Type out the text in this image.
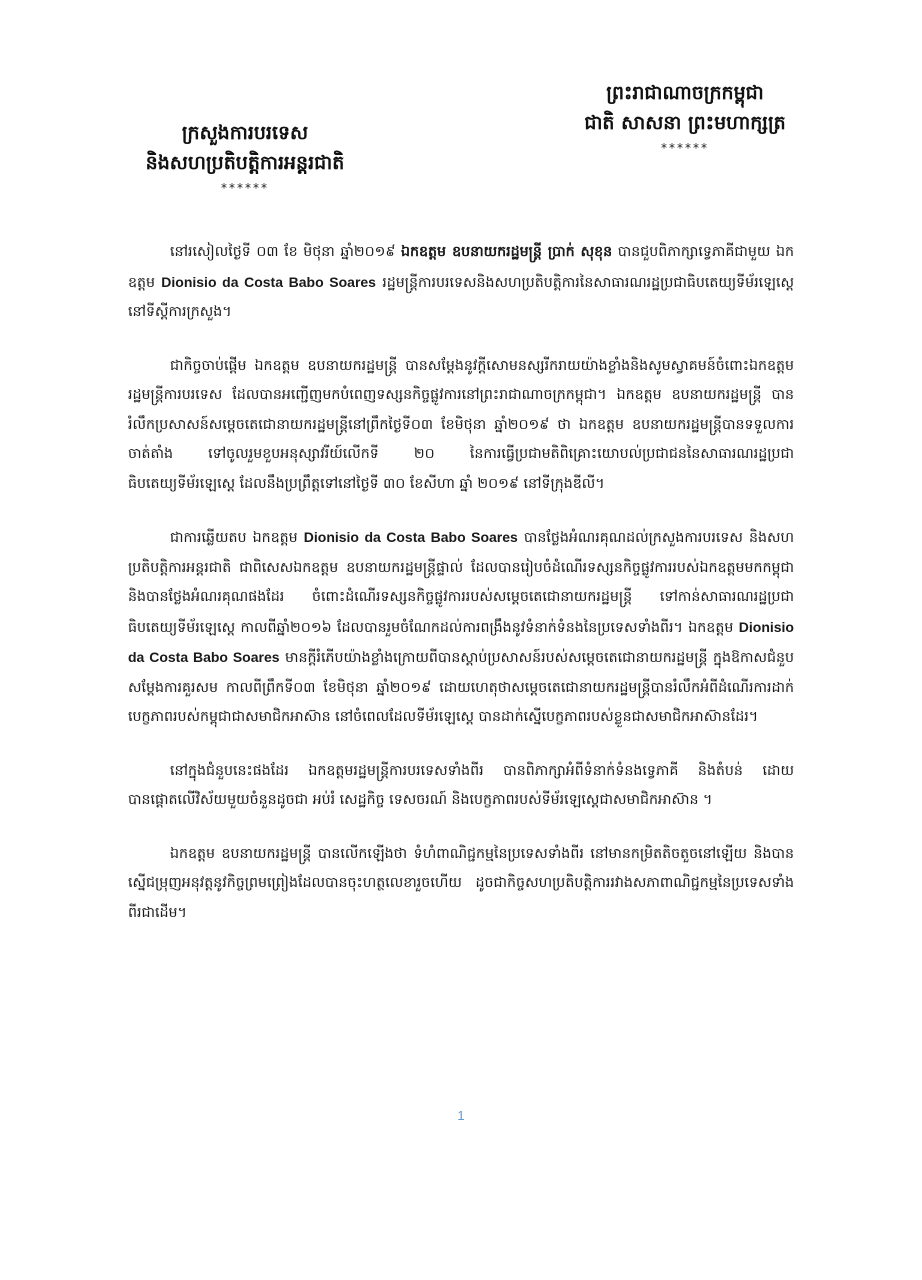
ព្រះរាជាណាចក្រកម្ពុជា
ជាតិ សាសនា ព្រះមហាក្សត្រ
******
ក្រសួងការបរទេស
និងសហប្រតិបត្តិការអន្តរជាតិ
******

នៅរសៀលថ្ងៃទី ០៣ ខែ មិថុនា ឆ្នាំ២០១៩ ឯកឧត្តម ឧបនាយករដ្ឋមន្ត្រី ប្រាក់ សុខុន បានជួបពិភាក្សាទ្វេភាគីជាមួយ ឯកឧត្តម Dionisio da Costa Babo Soares រដ្ឋមន្ត្រីការបរទេសនិងសហប្រតិបត្តិការនៃសាធារណរដ្ឋប្រជាធិបតេយ្យទីម័រឡេស្តេ នៅទីស្តីការក្រសួង។

ជាកិច្ចចាប់ផ្តើម ឯកឧត្តម ឧបនាយករដ្ឋមន្ត្រី បានសម្តែងនូវក្តីសោមនស្សរីករាយយ៉ាងខ្លាំងនិងសូមស្វាគមន៍ចំពោះឯកឧត្តម រដ្ឋមន្ត្រីការបរទេស ដែលបានអញ្ជើញមកបំពេញទស្សនកិច្ចផ្លូវការនៅព្រះរាជាណាចក្រកម្ពុជា។ ឯកឧត្តម ឧបនាយករដ្ឋមន្ត្រី បានរំលឹកប្រសាសន៍សម្តេចតេជោនាយករដ្ឋមន្ត្រីនៅព្រឹកថ្ងៃទី០៣ ខែមិថុនា ឆ្នាំ២០១៩ ថា ឯកឧត្តម ឧបនាយករដ្ឋមន្ត្រីបានទទួលការចាត់តាំង ទៅចូលរួមខួបអនុស្សាវរីយ៍លើកទី ២០ នៃការធ្វើប្រជាមតិពិគ្រោះយោបល់ប្រជាជននៃសាធារណរដ្ឋប្រជាធិបតេយ្យទីម័រឡេស្តេ ដែលនឹងប្រព្រឹត្តទៅនៅថ្ងៃទី ៣០ ខែសីហា ឆ្នាំ ២០១៩ នៅទីក្រុងឌីលី។

ជាការឆ្លើយតប ឯកឧត្តម Dionisio da Costa Babo Soares បានថ្លែងអំណរគុណដល់ក្រសួងការបរទេស និងសហប្រតិបត្តិការអន្តរជាតិ ជាពិសេសឯកឧត្តម ឧបនាយករដ្ឋមន្ត្រីផ្ទាល់ ដែលបានរៀបចំដំណើរទស្សនកិច្ចផ្លូវការរបស់ឯកឧត្តមមកកម្ពុជា និងបានថ្លែងអំណរគុណផងដែរ ចំពោះដំណើរទស្សនកិច្ចផ្លូវការរបស់សម្តេចតេជោនាយករដ្ឋមន្ត្រី ទៅកាន់សាធារណរដ្ឋប្រជាធិបតេយ្យទីម័រឡេស្តេ កាលពីឆ្នាំ២០១៦ ដែលបានរួមចំណែកដល់ការពង្រឹងនូវទំនាក់ទំនងនៃប្រទេសទាំងពីរ។ ឯកឧត្តម Dionisio da Costa Babo Soares មានក្តីរំភើបយ៉ាងខ្លាំងក្រោយពីបានស្តាប់ប្រសាសន៍របស់សម្តេចតេជោនាយករដ្ឋមន្ត្រី ក្នុងឱកាសជំនួបសម្តែងការគួរសម កាលពីព្រឹកទី០៣ ខែមិថុនា ឆ្នាំ២០១៩ ដោយហេតុថាសម្តេចតេជោនាយករដ្ឋមន្ត្រីបានរំលឹកអំពីដំណើរការដាក់បេក្ខភាពរបស់កម្ពុជាជាសមាជិកអាស៊ាន នៅចំពេលដែលទីម័រឡេស្តេ បានដាក់ស្នើបេក្ខភាពរបស់ខ្លួនជាសមាជិកអាស៊ានដែរ។

នៅក្នុងជំនួបនេះផងដែរ ឯកឧត្តមរដ្ឋមន្ត្រីការបរទេសទាំងពីរ បានពិភាក្សាអំពីទំនាក់ទំនងទ្វេភាគី និងតំបន់ ដោយបានផ្តោតលើវិស័យមួយចំនួនដូចជា អប់រំ សេដ្ឋកិច្ច ទេសចរណ៍ និងបេក្ខភាពរបស់ទីម័រឡេស្តេជាសមាជិកអាស៊ាន ។

ឯកឧត្តម ឧបនាយករដ្ឋមន្ត្រី បានលើកឡើងថា ទំហំពាណិជ្ជកម្មនៃប្រទេសទាំងពីរ នៅមានកម្រិតតិចតួចនៅឡើយ និងបានស្នើជម្រុញអនុវត្តនូវកិច្ចព្រមព្រៀងដែលបានចុះហត្ថលេខារួចហើយ ដូចជាកិច្ចសហប្រតិបត្តិការរវាងសភាពាណិជ្ជកម្មនៃប្រទេសទាំងពីរជាដើម។

1
